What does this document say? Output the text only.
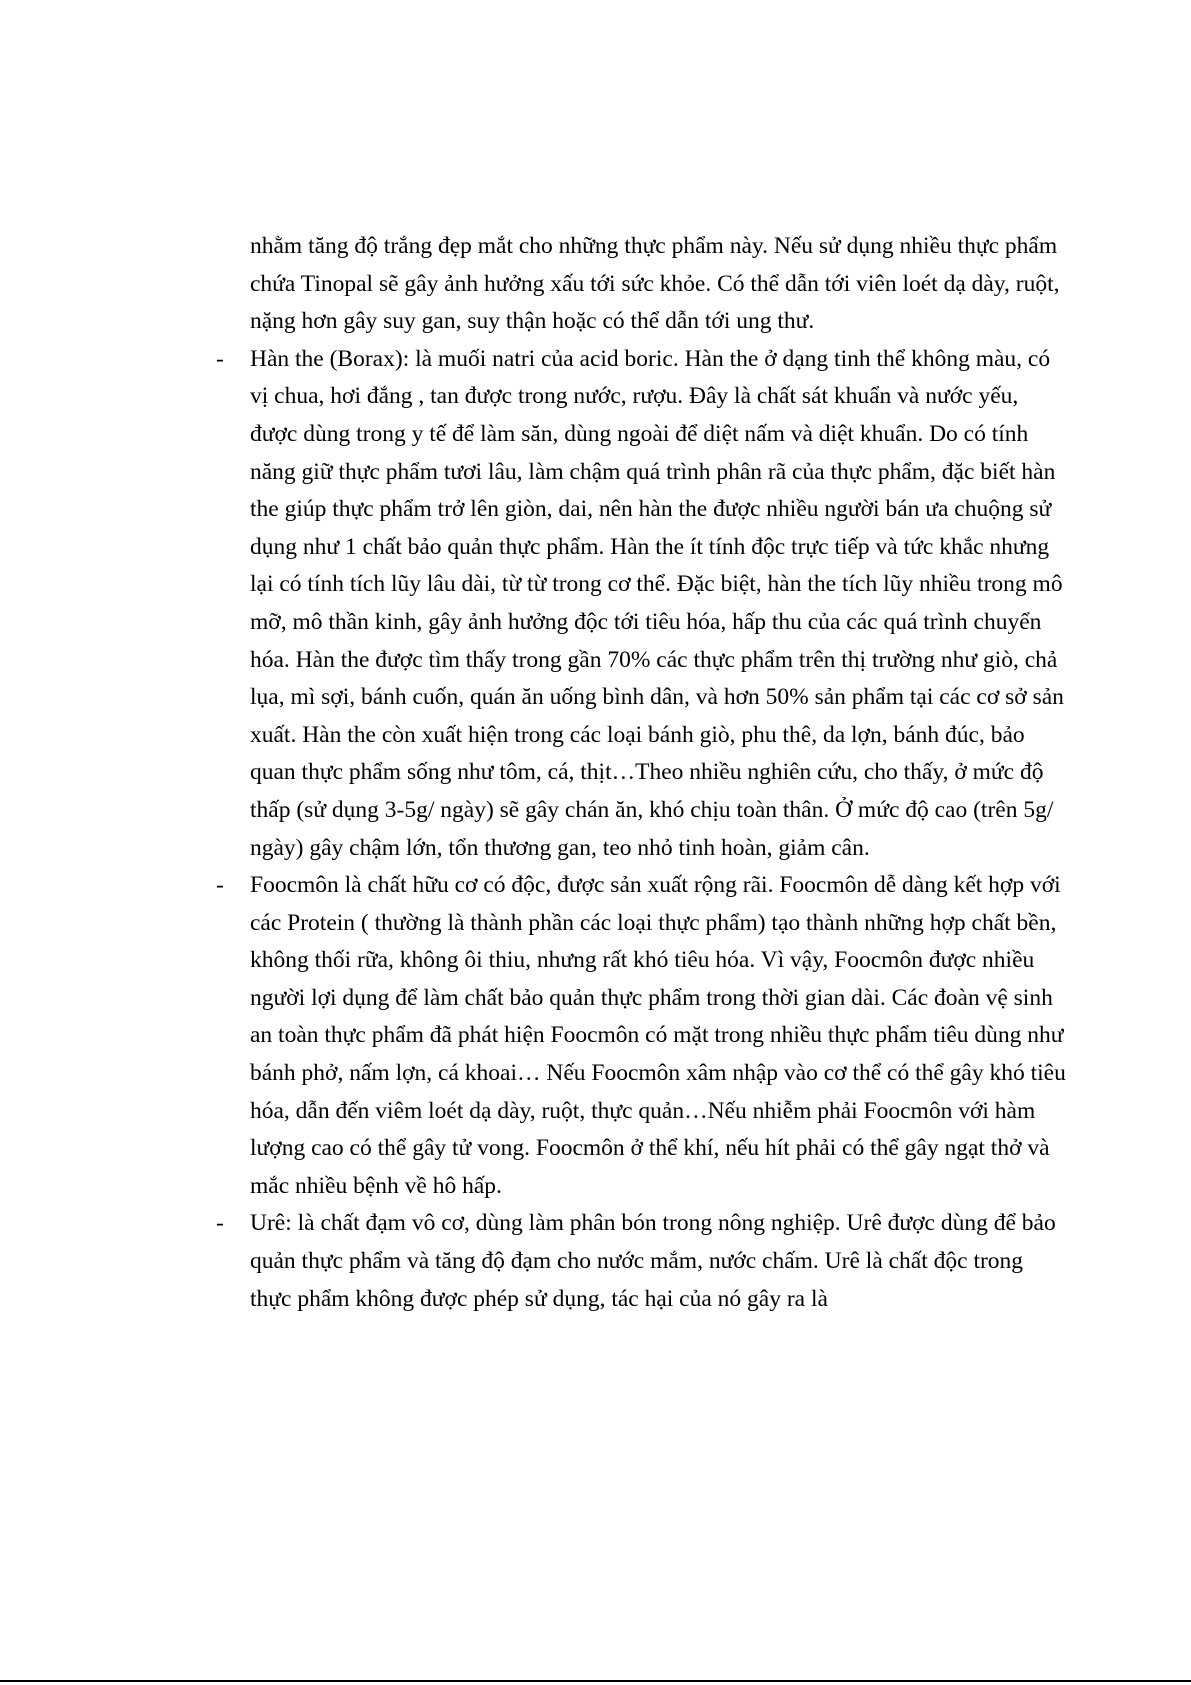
nhằm tăng độ trắng đẹp mắt cho những thực phẩm này. Nếu sử dụng nhiều thực phẩm chứa Tinopal sẽ gây ảnh hưởng xấu tới sức khỏe. Có thể dẫn tới viên loét dạ dày, ruột, nặng hơn gây suy gan, suy thận hoặc có thể dẫn tới ung thư.

- Hàn the (Borax): là muối natri của acid boric. Hàn the ở dạng tinh thể không màu, có vị chua, hơi đắng , tan được trong nước, rượu. Đây là chất sát khuẩn và nước yếu, được dùng trong y tế để làm săn, dùng ngoài để diệt nấm và diệt khuẩn. Do có tính năng giữ thực phẩm tươi lâu, làm chậm quá trình phân rã của thực phẩm, đặc biết hàn the giúp thực phẩm trở lên giòn, dai, nên hàn the được nhiều người bán ưa chuộng sử dụng như 1 chất bảo quản thực phẩm. Hàn the ít tính độc trực tiếp và tức khắc nhưng lại có tính tích lũy lâu dài, từ từ trong cơ thể. Đặc biệt, hàn the tích lũy nhiều trong mô mỡ, mô thần kinh, gây ảnh hưởng độc tới tiêu hóa, hấp thu của các quá trình chuyển hóa. Hàn the được tìm thấy trong gần 70% các thực phẩm trên thị trường như giò, chả lụa, mì sợi, bánh cuốn, quán ăn uống bình dân, và hơn 50% sản phẩm tại các cơ sở sản xuất. Hàn the còn xuất hiện trong các loại bánh giò, phu thê, da lợn, bánh đúc, bảo quan thực phẩm sống như tôm, cá, thịt…Theo nhiều nghiên cứu, cho thấy, ở mức độ thấp (sử dụng 3-5g/ ngày) sẽ gây chán ăn, khó chịu toàn thân. Ở mức độ cao (trên 5g/ ngày) gây chậm lớn, tổn thương gan, teo nhỏ tinh hoàn, giảm cân.

- Foocmôn là chất hữu cơ có độc, được sản xuất rộng rãi. Foocmôn dễ dàng kết hợp với các Protein ( thường là thành phần các loại thực phẩm) tạo thành những hợp chất bền, không thối rữa, không ôi thiu, nhưng rất khó tiêu hóa. Vì vậy, Foocmôn được nhiều người lợi dụng để làm chất bảo quản thực phẩm trong thời gian dài. Các đoàn vệ sinh an toàn thực phẩm đã phát hiện Foocmôn có mặt trong nhiều thực phẩm tiêu dùng như bánh phở, nấm lợn, cá khoai… Nếu Foocmôn xâm nhập vào cơ thể có thể gây khó tiêu hóa, dẫn đến viêm loét dạ dày, ruột, thực quản…Nếu nhiễm phải Foocmôn với hàm lượng cao có thể gây tử vong. Foocmôn ở thể khí, nếu hít phải có thể gây ngạt thở và mắc nhiều bệnh về hô hấp.

- Urê: là chất đạm vô cơ, dùng làm phân bón trong nông nghiệp. Urê được dùng để bảo quản thực phẩm và tăng độ đạm cho nước mắm, nước chấm. Urê là chất độc trong thực phẩm không được phép sử dụng, tác hại của nó gây ra là
